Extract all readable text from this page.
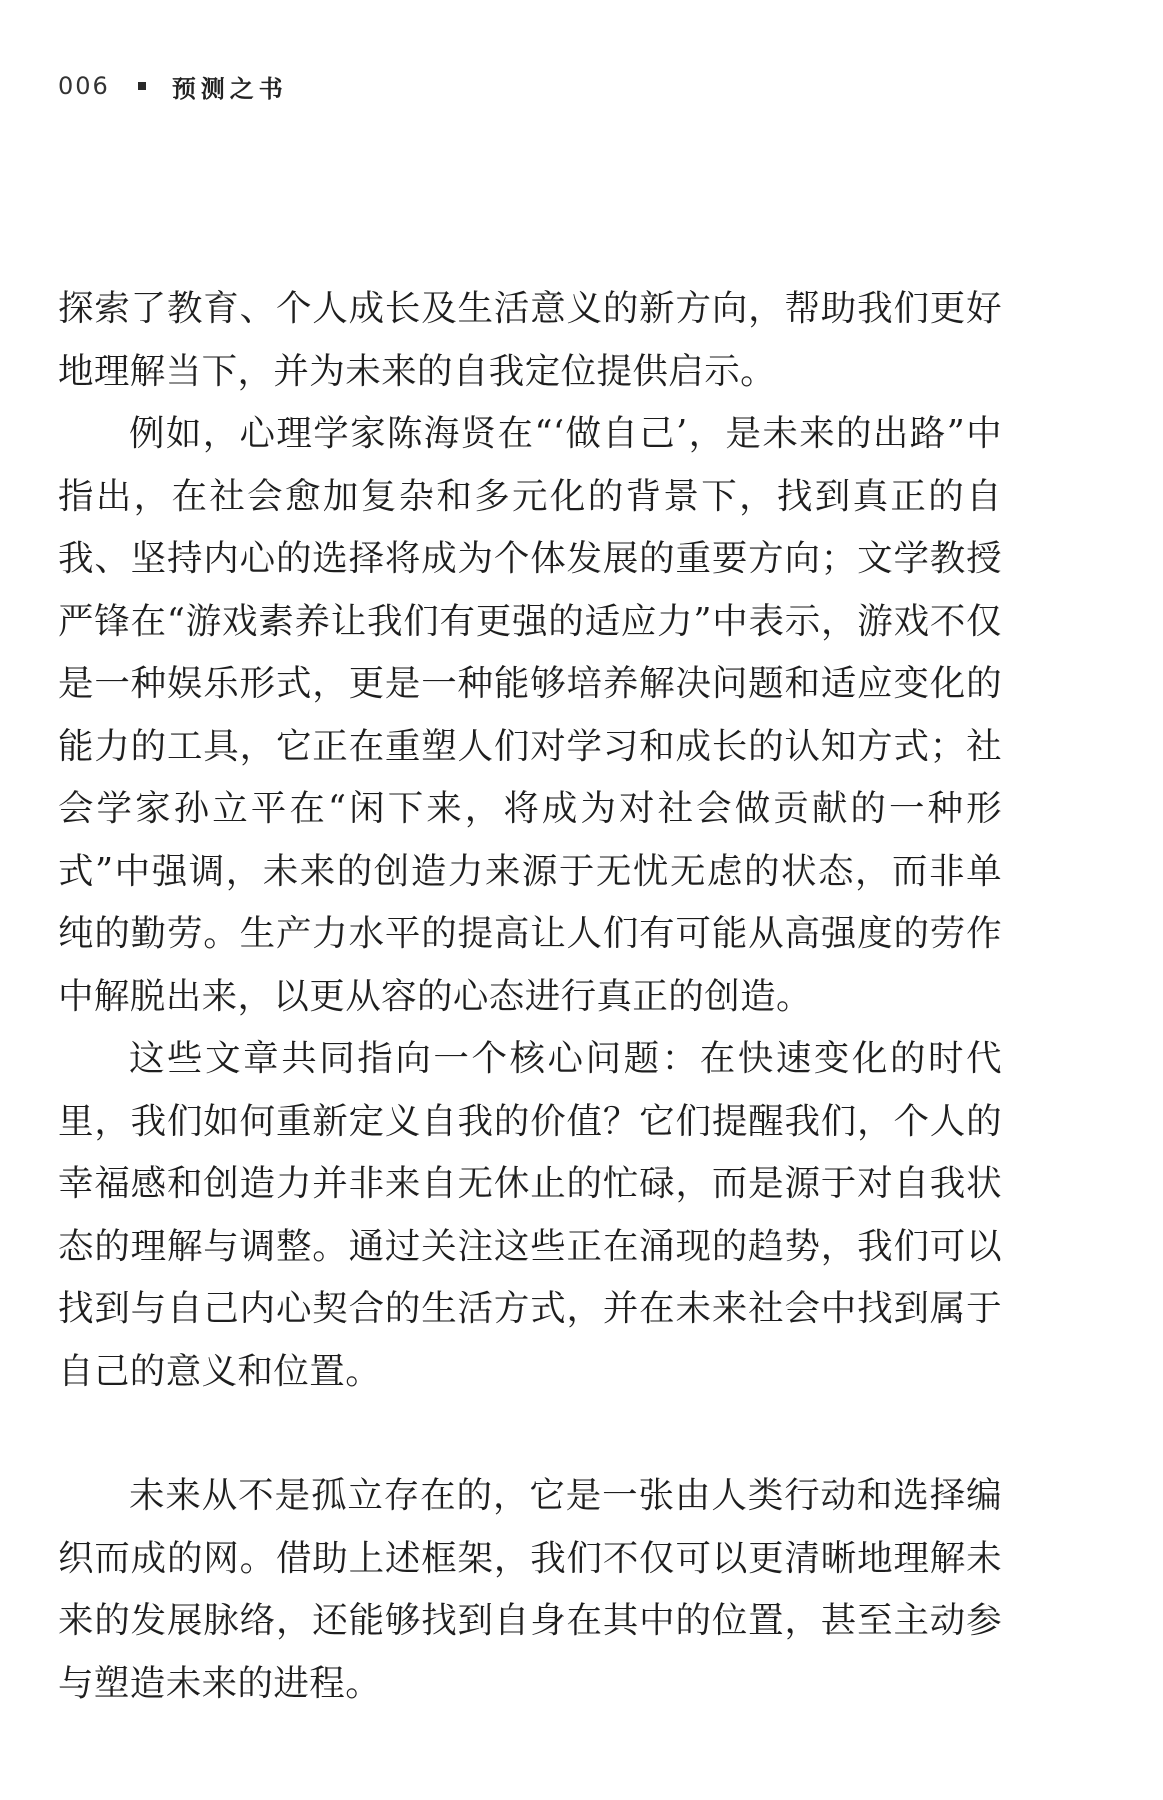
006	预测之书

探索了教育、个人成长及生活意义的新方向，帮助我们更好地理解当下，并为未来的自我定位提供启示。

例如，心理学家陈海贤在“‘做自己’，是未来的出路”中指出，在社会愈加复杂和多元化的背景下，找到真正的自我、坚持内心的选择将成为个体发展的重要方向；文学教授严锋在“游戏素养让我们有更强的适应力”中表示，游戏不仅是一种娱乐形式，更是一种能够培养解决问题和适应变化的能力的工具，它正在重塑人们对学习和成长的认知方式；社会学家孙立平在“闲下来，将成为对社会做贡献的一种形式”中强调，未来的创造力来源于无忧无虑的状态，而非单纯的勤劳。生产力水平的提高让人们有可能从高强度的劳作中解脱出来，以更从容的心态进行真正的创造。

这些文章共同指向一个核心问题：在快速变化的时代里，我们如何重新定义自我的价值？它们提醒我们，个人的幸福感和创造力并非来自无休止的忙碌，而是源于对自我状态的理解与调整。通过关注这些正在涌现的趋势，我们可以找到与自己内心契合的生活方式，并在未来社会中找到属于自己的意义和位置。

未来从不是孤立存在的，它是一张由人类行动和选择编织而成的网。借助上述框架，我们不仅可以更清晰地理解未来的发展脉络，还能够找到自身在其中的位置，甚至主动参与塑造未来的进程。
